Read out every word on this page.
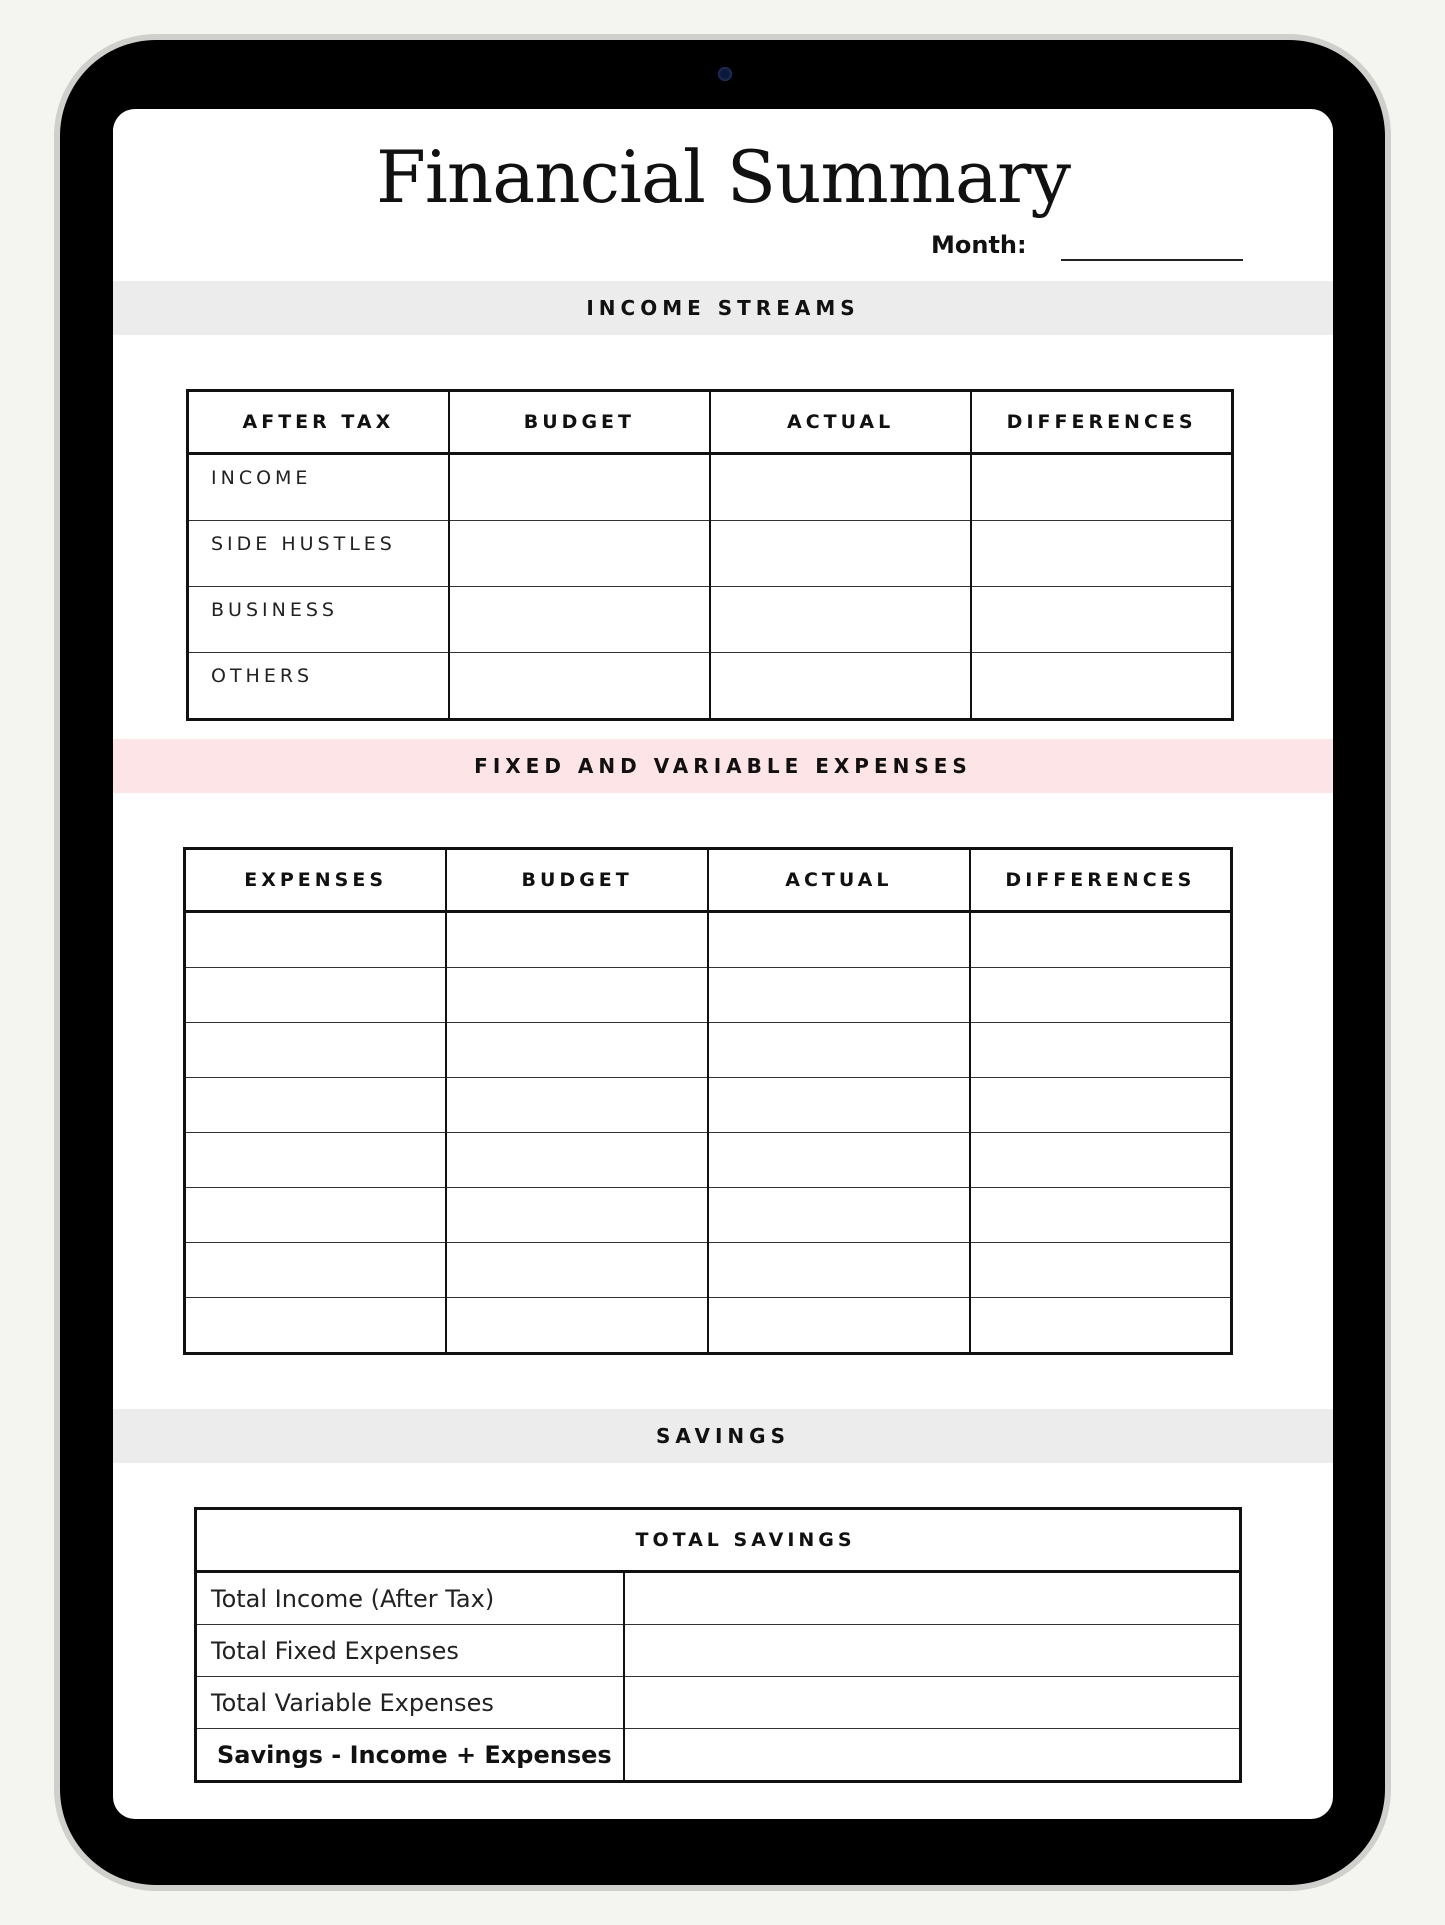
Financial Summary
Month:
INCOME STREAMS
AFTER TAX	BUDGET	ACTUAL	DIFFERENCES
INCOME			
SIDE HUSTLES			
BUSINESS			
OTHERS			
FIXED AND VARIABLE EXPENSES
EXPENSES	BUDGET	ACTUAL	DIFFERENCES

SAVINGS
	TOTAL SAVINGS
Total Income (After Tax)	
Total Fixed Expenses	
Total Variable Expenses	
Savings - Income + Expenses	
